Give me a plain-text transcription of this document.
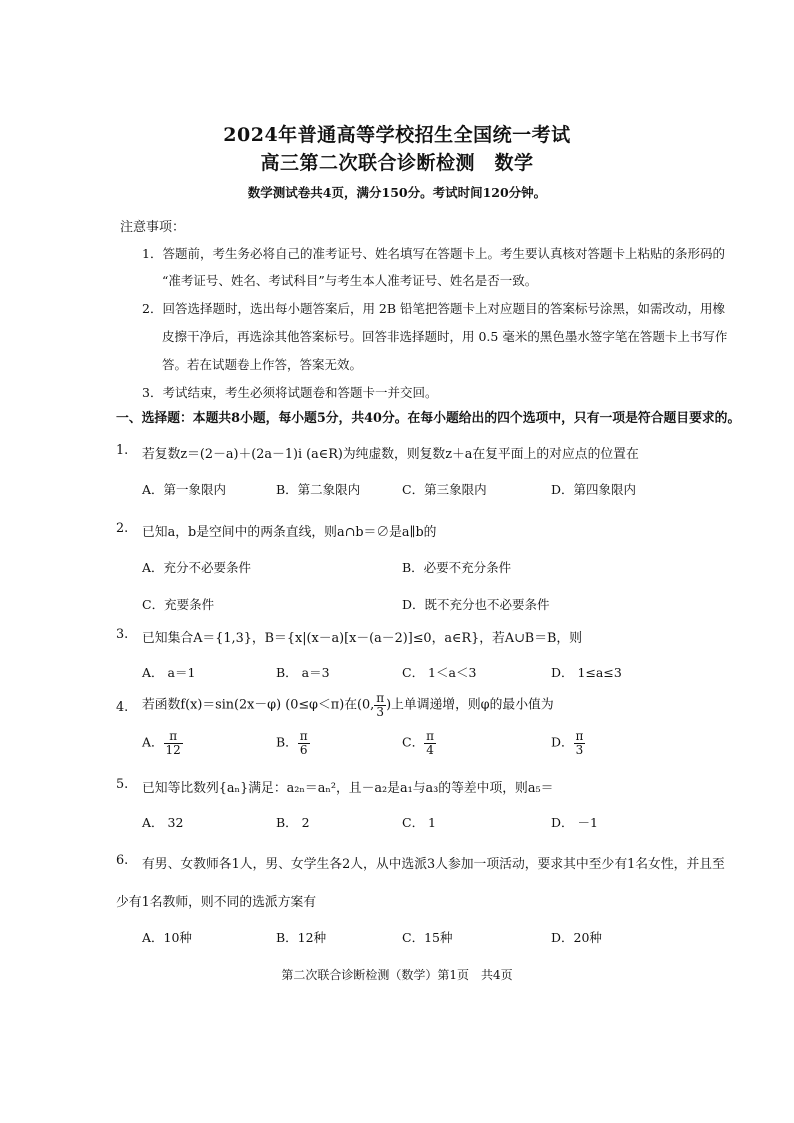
2024年普通高等学校招生全国统一考试
高三第二次联合诊断检测　数学
数学测试卷共4页，满分150分。考试时间120分钟。
注意事项：
1．答题前，考生务必将自己的准考证号、姓名填写在答题卡上。考生要认真核对答题卡上粘贴的条形码的
“准考证号、姓名、考试科目”与考生本人准考证号、姓名是否一致。
2．回答选择题时，选出每小题答案后，用 2B 铅笔把答题卡上对应题目的答案标号涂黑，如需改动，用橡
皮擦干净后，再选涂其他答案标号。回答非选择题时，用 0.5 毫米的黑色墨水签字笔在答题卡上书写作
答。若在试题卷上作答，答案无效。
3．考试结束，考生必须将试题卷和答题卡一并交回。
一、选择题：本题共8小题，每小题5分，共40分。在每小题给出的四个选项中，只有一项是符合题目要求的。
1. 若复数z＝(2－a)＋(2a－1)i (a∈R)为纯虚数，则复数z＋a在复平面上的对应点的位置在
A．第一象限内	B．第二象限内	C．第三象限内	D．第四象限内
2. 已知a，b是空间中的两条直线，则a∩b＝∅是a∥b的
A．充分不必要条件	B．必要不充分条件
C．充要条件	D．既不充分也不必要条件
3. 已知集合A＝{1,3}，B＝{x|(x－a)[x－(a－2)]≤0，a∈R}，若A∪B＝B，则
A． a＝1	B． a＝3	C． 1＜a＜3	D． 1≤a≤3
4. 若函数f(x)＝sin(2x－φ) (0≤φ＜π)在(0, $\frac{\pi}{3}$ )上单调递增，则φ的最小值为
A． $\frac{\pi}{12}$	B． $\frac{\pi}{6}$	C． $\frac{\pi}{4}$	D． $\frac{\pi}{3}$
5. 已知等比数列{aₙ}满足：a₂ₙ＝aₙ²，且－a₂是a₁与a₃的等差中项，则a₅＝
A． 32	B． 2	C． 1	D． －1
6. 有男、女教师各1人，男、女学生各2人，从中选派3人参加一项活动，要求其中至少有1名女性，并且至
少有1名教师，则不同的选派方案有
A．10种	B．12种	C．15种	D．20种
第二次联合诊断检测（数学）第1页　共4页
